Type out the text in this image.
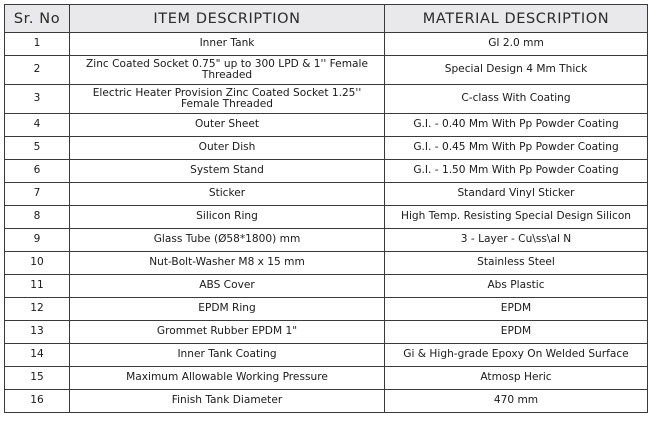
Sr. No	ITEM DESCRIPTION	MATERIAL DESCRIPTION
1	Inner Tank	GI 2.0 mm
2	Zinc Coated Socket 0.75" up to 300 LPD & 1'' Female Threaded	Special Design 4 Mm Thick
3	Electric Heater Provision Zinc Coated Socket 1.25'' Female Threaded	C-class With Coating
4	Outer Sheet	G.I. - 0.40 Mm With Pp Powder Coating
5	Outer Dish	G.I. - 0.45 Mm With Pp Powder Coating
6	System Stand	G.I. - 1.50 Mm With Pp Powder Coating
7	Sticker	Standard Vinyl Sticker
8	Silicon Ring	High Temp. Resisting Special Design Silicon
9	Glass Tube (Ø58*1800) mm	3 - Layer - Cu\ss\al N
10	Nut-Bolt-Washer M8 x 15 mm	Stainless Steel
11	ABS Cover	Abs Plastic
12	EPDM Ring	EPDM
13	Grommet Rubber EPDM 1"	EPDM
14	Inner Tank Coating	Gi & High-grade Epoxy On Welded Surface
15	Maximum Allowable Working Pressure	Atmosp Heric
16	Finish Tank Diameter	470 mm
